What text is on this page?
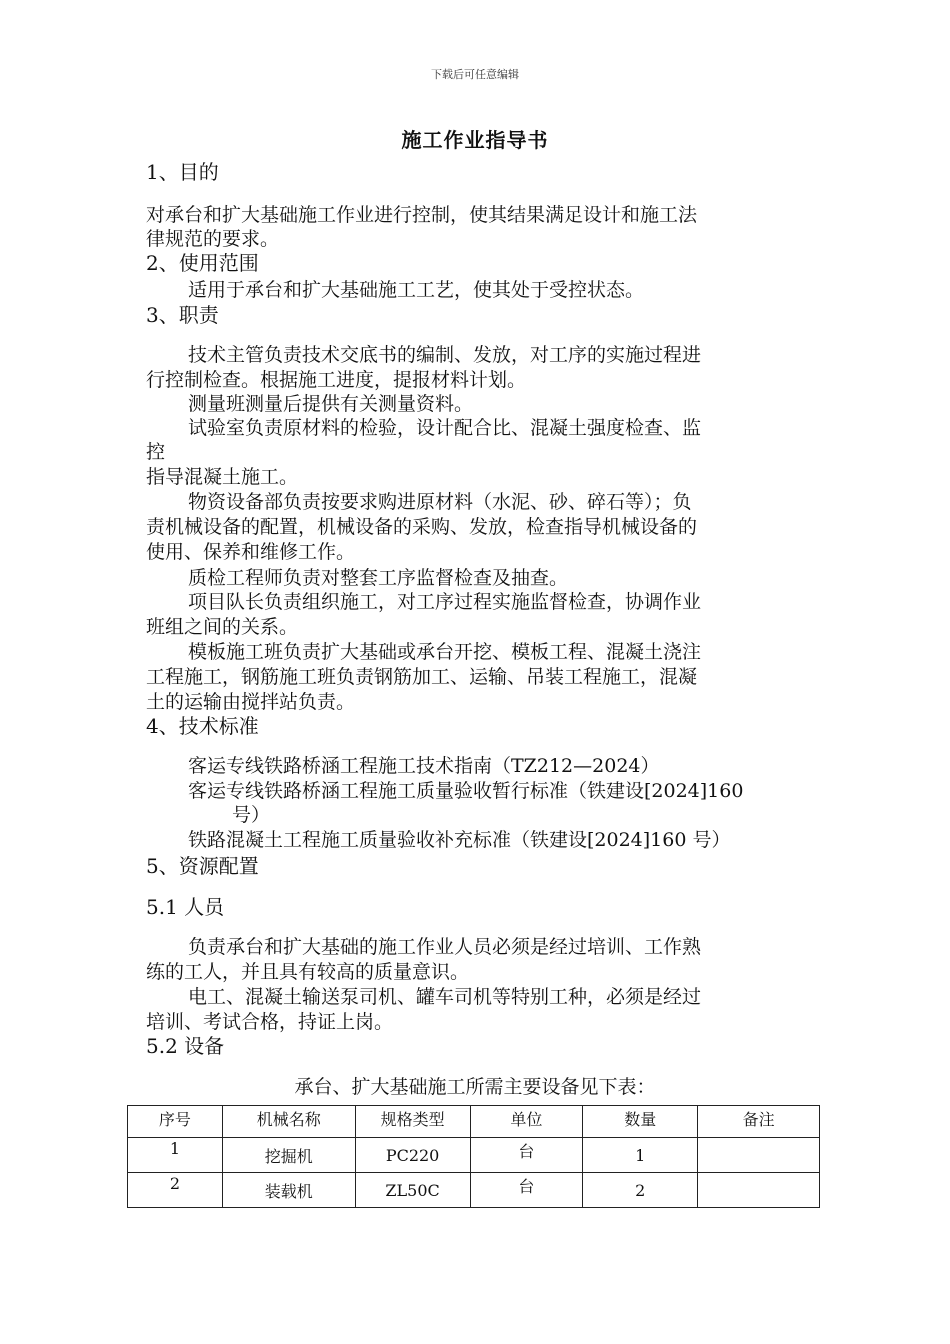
下载后可任意编辑
施工作业指导书
1、目的
对承台和扩大基础施工作业进行控制，使其结果满足设计和施工法
律规范的要求。
2、使用范围
适用于承台和扩大基础施工工艺，使其处于受控状态。
3、职责
技术主管负责技术交底书的编制、发放，对工序的实施过程进
行控制检查。根据施工进度，提报材料计划。
测量班测量后提供有关测量资料。
试验室负责原材料的检验，设计配合比、混凝土强度检查、监
控
指导混凝土施工。
物资设备部负责按要求购进原材料（水泥、砂、碎石等）；负
责机械设备的配置，机械设备的采购、发放，检查指导机械设备的
使用、保养和维修工作。
质检工程师负责对整套工序监督检查及抽查。
项目队长负责组织施工，对工序过程实施监督检查，协调作业
班组之间的关系。
模板施工班负责扩大基础或承台开挖、模板工程、混凝土浇注
工程施工，钢筋施工班负责钢筋加工、运输、吊装工程施工，混凝
土的运输由搅拌站负责。
4、技术标准
客运专线铁路桥涵工程施工技术指南（TZ212—2024）
客运专线铁路桥涵工程施工质量验收暂行标准（铁建设[2024]160
号）
铁路混凝土工程施工质量验收补充标准（铁建设[2024]160 号）
5、资源配置
5.1 人员
负责承台和扩大基础的施工作业人员必须是经过培训、工作熟
练的工人，并且具有较高的质量意识。
电工、混凝土输送泵司机、罐车司机等特别工种，必须是经过
培训、考试合格，持证上岗。
5.2 设备
承台、扩大基础施工所需主要设备见下表：
序号	机械名称	规格类型	单位	数量	备注
1	挖掘机	PC220	台	1	
2	装载机	ZL50C	台	2	
